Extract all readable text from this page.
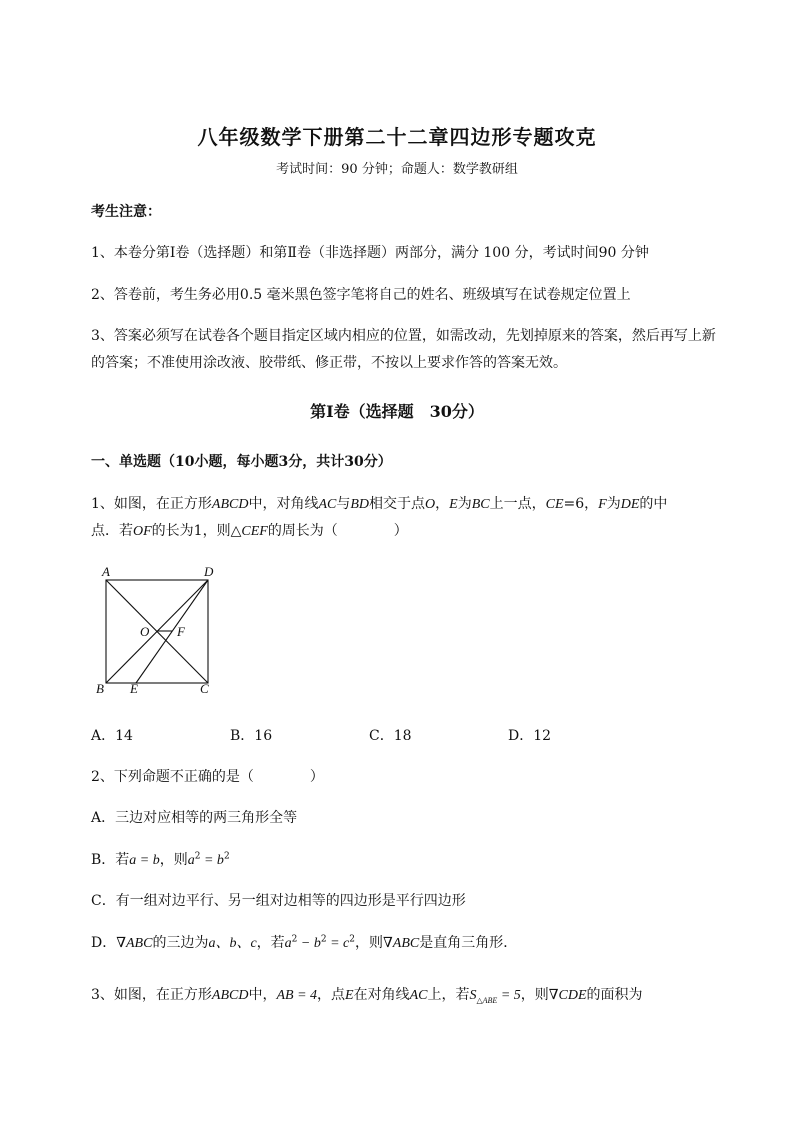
八年级数学下册第二十二章四边形专题攻克
考试时间：90 分钟；命题人：数学教研组
考生注意：
1、本卷分第Ⅰ卷（选择题）和第Ⅱ卷（非选择题）两部分，满分 100 分，考试时间90 分钟
2、答卷前，考生务必用0.5 毫米黑色签字笔将自己的姓名、班级填写在试卷规定位置上
3、答案必须写在试卷各个题目指定区域内相应的位置，如需改动，先划掉原来的答案，然后再写上新
的答案；不准使用涂改液、胶带纸、修正带，不按以上要求作答的答案无效。
第Ⅰ卷（选择题　30分）
一、单选题（10小题，每小题3分，共计30分）
1、如图，在正方形ABCD中，对角线AC与BD相交于点O，E为BC上一点，CE=6，F为DE的中
点．若OF的长为1，则△CEF的周长为（　　　　）
A
B	C
D
E
O F
A．14	B．16	C．18	D．12
2、下列命题不正确的是（　　　　）
A．三边对应相等的两三角形全等
B．若a = b，则$a^2 = b^2$
C．有一组对边平行、另一组对边相等的四边形是平行四边形
D．∇ABC的三边为a、b、c，若$a^2 - b^2 = c^2$，则∇ABC是直角三角形．
3、如图，在正方形ABCD中，AB = 4，点E在对角线AC上，若$S_{\triangle ABE} = 5$，则∇CDE的面积为
